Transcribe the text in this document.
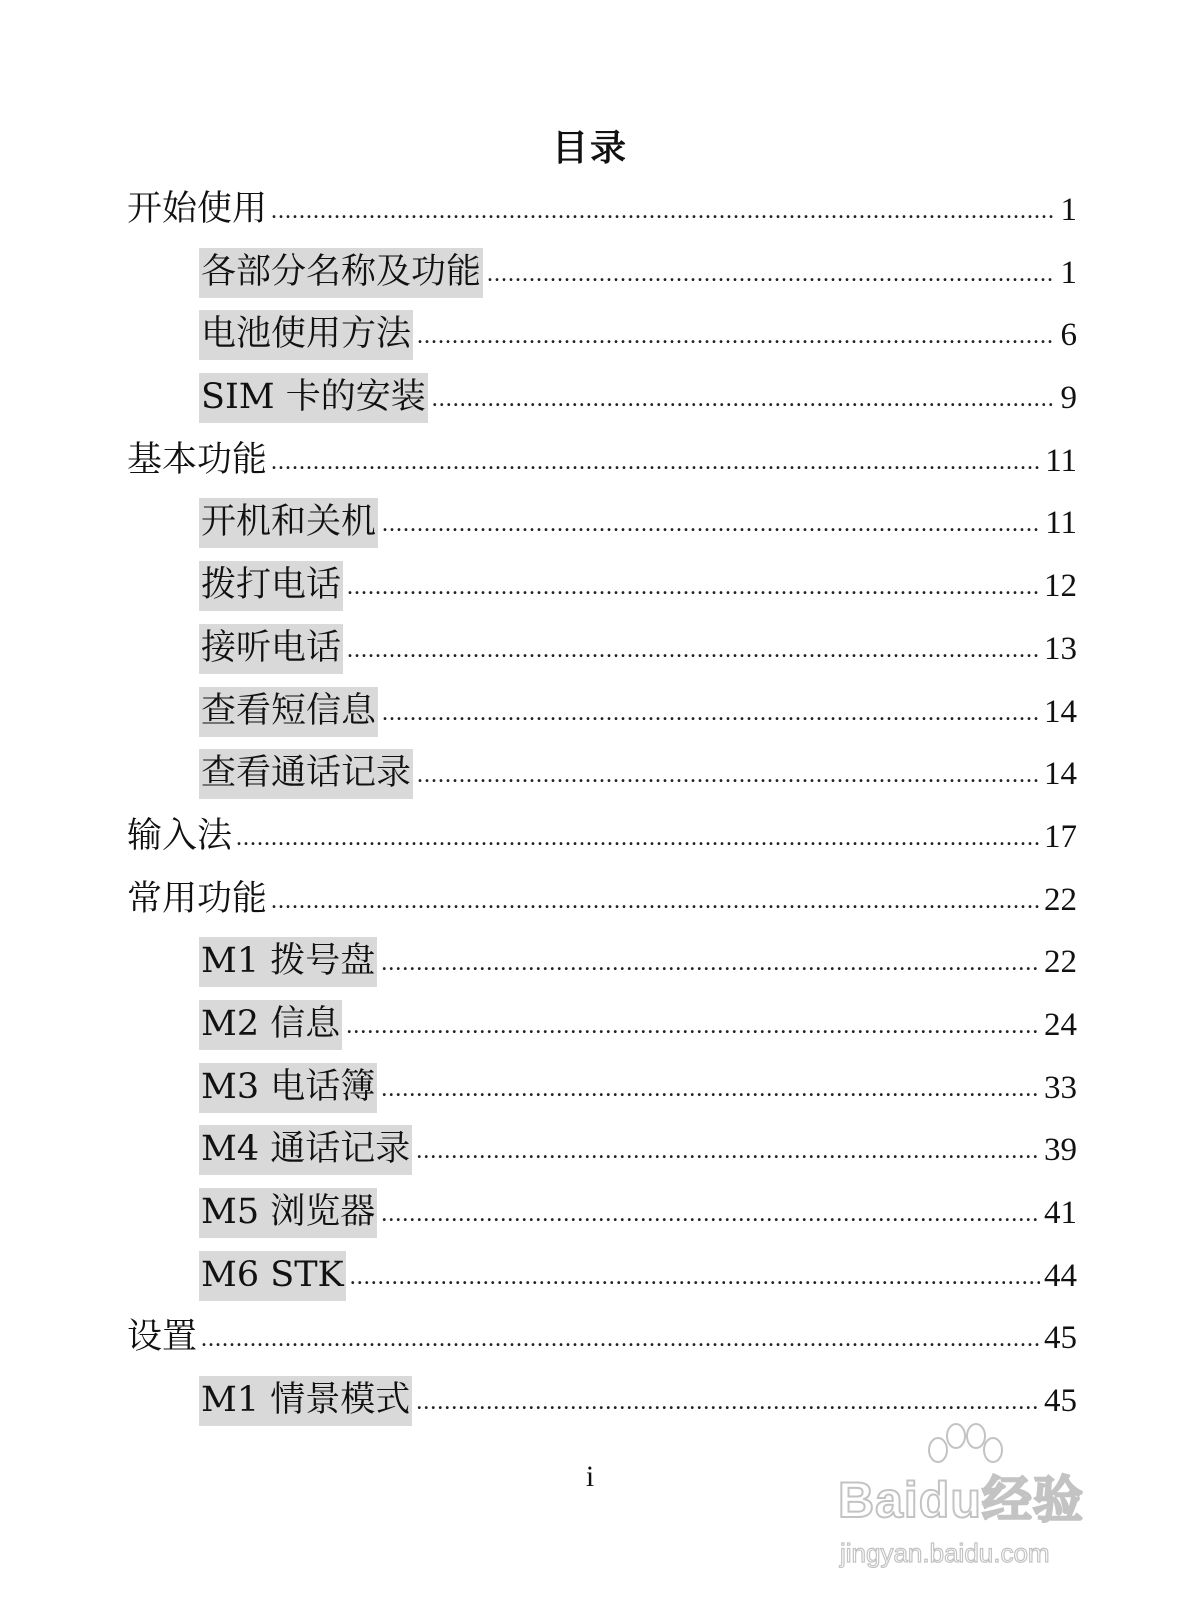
目录
开始使用 .....	1
各部分名称及功能 .....	1
电池使用方法 .....	6
SIM 卡的安装 .....	9
基本功能 .....	11
开机和关机 .....	11
拨打电话 .....	12
接听电话 .....	13
查看短信息 .....	14
查看通话记录 .....	14
输入法 .....	17
常用功能 .....	22
M1 拨号盘 .....	22
M2 信息 .....	24
M3 电话簿 .....	33
M4 通话记录 .....	39
M5 浏览器 .....	41
M6 STK .....	44
设置 .....	45
M1 情景模式 .....	45
i	Baidu经验
jingyan.baidu.com
